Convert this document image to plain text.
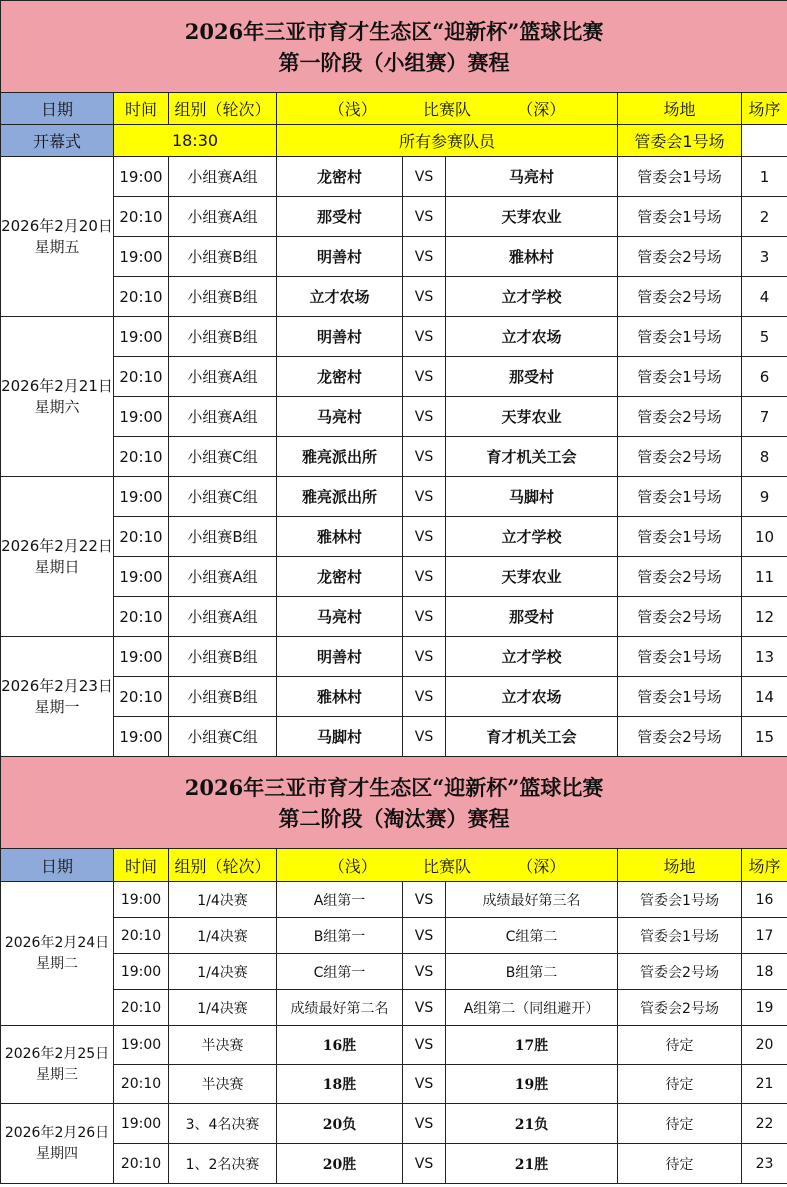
2026年三亚市育才生态区“迎新杯”篮球比赛
第一阶段（小组赛）赛程							

日期	时间	组别（轮次）	（浅） 比赛队 （深）			场地	场序
开幕式	18:30		所有参赛队员			管委会1号场	

2026年2月20日
星期五	19:00	小组赛A组	龙密村	VS	马亮村	管委会1号场	1
	20:10	小组赛A组	那受村	VS	天芽农业	管委会1号场	2
	19:00	小组赛B组	明善村	VS	雅林村	管委会2号场	3
	20:10	小组赛B组	立才农场	VS	立才学校	管委会2号场	4

2026年2月21日
星期六	19:00	小组赛B组	明善村	VS	立才农场	管委会1号场	5
	20:10	小组赛A组	龙密村	VS	那受村	管委会1号场	6
	19:00	小组赛A组	马亮村	VS	天芽农业	管委会2号场	7
	20:10	小组赛C组	雅亮派出所	VS	育才机关工会	管委会2号场	8

2026年2月22日
星期日	19:00	小组赛C组	雅亮派出所	VS	马脚村	管委会1号场	9
	20:10	小组赛B组	雅林村	VS	立才学校	管委会1号场	10
	19:00	小组赛A组	龙密村	VS	天芽农业	管委会2号场	11
	20:10	小组赛A组	马亮村	VS	那受村	管委会2号场	12

2026年2月23日
星期一	19:00	小组赛B组	明善村	VS	立才学校	管委会1号场	13
	20:10	小组赛B组	雅林村	VS	立才农场	管委会1号场	14
	19:00	小组赛C组	马脚村	VS	育才机关工会	管委会2号场	15

2026年三亚市育才生态区“迎新杯”篮球比赛
第二阶段（淘汰赛）赛程							

日期	时间	组别（轮次）	（浅） 比赛队 （深）			场地	场序

2026年2月24日
星期二	19:00	1/4决赛	A组第一	VS	成绩最好第三名	管委会1号场	16
	20:10	1/4决赛	B组第一	VS	C组第二	管委会1号场	17
	19:00	1/4决赛	C组第一	VS	B组第二	管委会2号场	18
	20:10	1/4决赛	成绩最好第二名	VS	A组第二（同组避开）	管委会2号场	19

2026年2月25日
星期三	19:00	半决赛	16胜	VS	17胜	待定	20
	20:10	半决赛	18胜	VS	19胜	待定	21

2026年2月26日
星期四	19:00	3、4名决赛	20负	VS	21负	待定	22
	20:10	1、2名决赛	20胜	VS	21胜	待定	23
